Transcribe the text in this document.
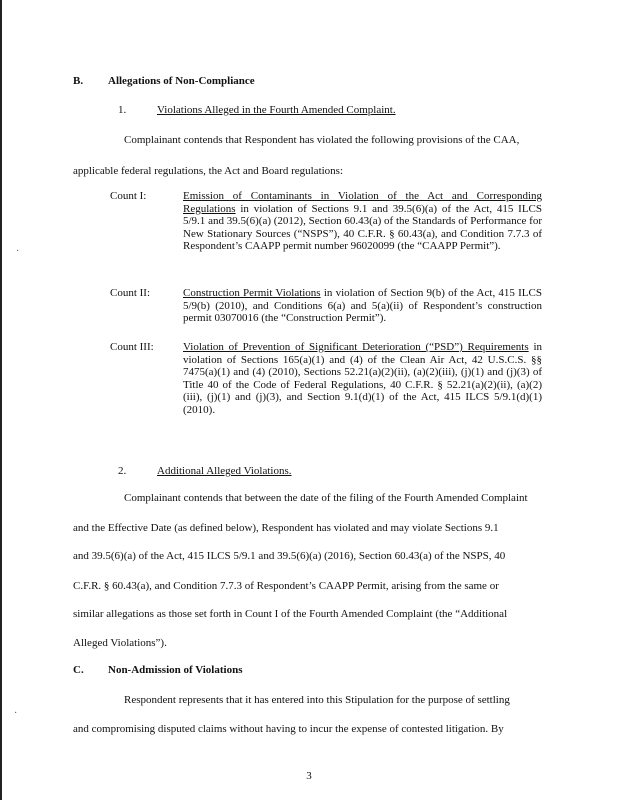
·
·
B. Allegations of Non-Compliance
1.	Violations Alleged in the Fourth Amended Complaint.
Complainant contends that Respondent has violated the following provisions of the CAA,
applicable federal regulations, the Act and Board regulations:
Count I:	Emission of Contaminants in Violation of the Act and Corresponding Regulations in violation of Sections 9.1 and 39.5(6)(a) of the Act, 415 ILCS 5/9.1 and 39.5(6)(a) (2012), Section 60.43(a) of the Standards of Performance for New Stationary Sources (“NSPS”), 40 C.F.R. § 60.43(a), and Condition 7.7.3 of Respondent’s CAAPP permit number 96020099 (the “CAAPP Permit”).
Count II:	Construction Permit Violations in violation of Section 9(b) of the Act, 415 ILCS 5/9(b) (2010), and Conditions 6(a) and 5(a)(ii) of Respondent’s construction permit 03070016 (the “Construction Permit”).
Count III:	Violation of Prevention of Significant Deterioration (“PSD”) Requirements in violation of Sections 165(a)(1) and (4) of the Clean Air Act, 42 U.S.C.S. §§ 7475(a)(1) and (4) (2010), Sections 52.21(a)(2)(ii), (a)(2)(iii), (j)(1) and (j)(3) of Title 40 of the Code of Federal Regulations, 40 C.F.R. § 52.21(a)(2)(ii), (a)(2)(iii), (j)(1) and (j)(3), and Section 9.1(d)(1) of the Act, 415 ILCS 5/9.1(d)(1) (2010).
2.	Additional Alleged Violations.
Complainant contends that between the date of the filing of the Fourth Amended Complaint
and the Effective Date (as defined below), Respondent has violated and may violate Sections 9.1
and 39.5(6)(a) of the Act, 415 ILCS 5/9.1 and 39.5(6)(a) (2016), Section 60.43(a) of the NSPS, 40
C.F.R. § 60.43(a), and Condition 7.7.3 of Respondent’s CAAPP Permit, arising from the same or
similar allegations as those set forth in Count I of the Fourth Amended Complaint (the “Additional
Alleged Violations”).
C. Non-Admission of Violations
Respondent represents that it has entered into this Stipulation for the purpose of settling
and compromising disputed claims without having to incur the expense of contested litigation. By
3
